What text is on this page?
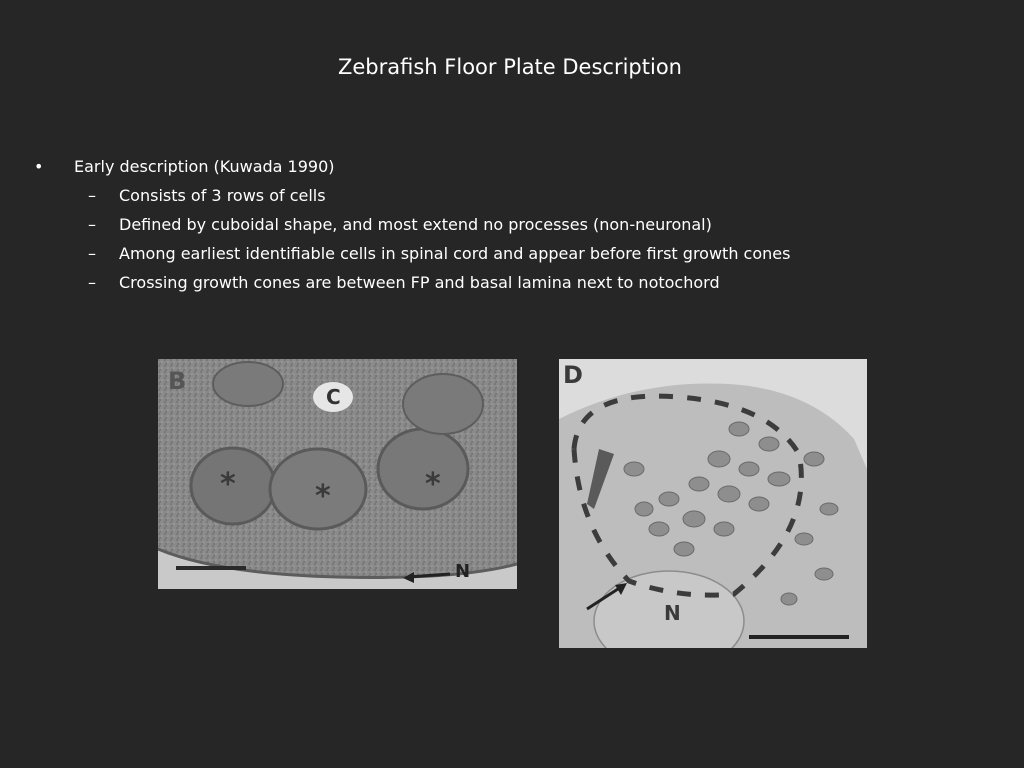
Zebrafish Floor Plate Description
• Early description (Kuwada 1990)
– Consists of 3 rows of cells
– Defined by cuboidal shape, and most extend no processes (non-neuronal)
– Among earliest identifiable cells in spinal cord and appear before first growth cones
– Crossing growth cones are between FP and basal lamina next to notochord
B
C
N
*	*	*
D
N
